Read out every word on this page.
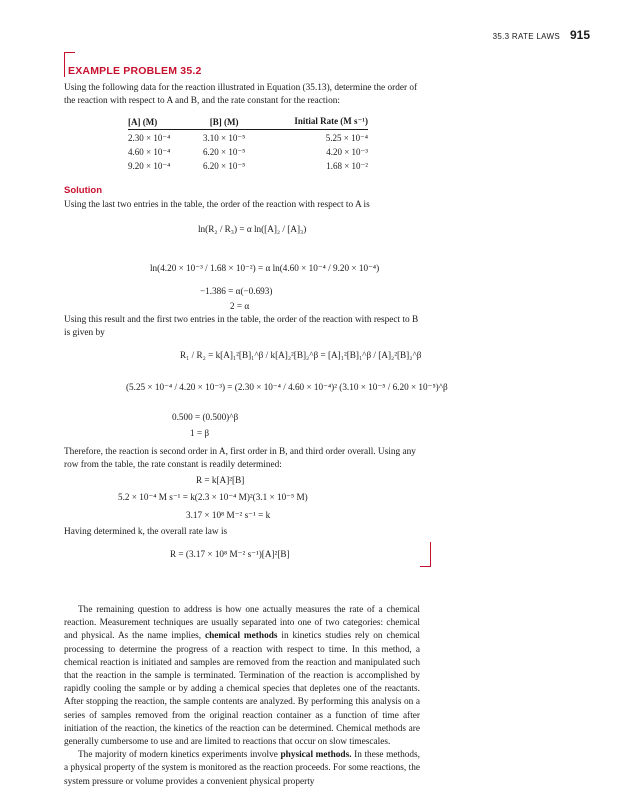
35.3 RATE LAWS 915
EXAMPLE PROBLEM 35.2
Using the following data for the reaction illustrated in Equation (35.13), determine the order of the reaction with respect to A and B, and the rate constant for the reaction:
[A] (M)	[B] (M)	Initial Rate (M s⁻¹)
2.30 × 10⁻⁴	3.10 × 10⁻⁵	5.25 × 10⁻⁴
4.60 × 10⁻⁴	6.20 × 10⁻⁵	4.20 × 10⁻³
9.20 × 10⁻⁴	6.20 × 10⁻⁵	1.68 × 10⁻²
Solution
Using the last two entries in the table, the order of the reaction with respect to A is
ln(R₂ / R₃) = α ln([A]₂ / [A]₃)
ln(4.20 × 10⁻³ / 1.68 × 10⁻²) = α ln(4.60 × 10⁻⁴ / 9.20 × 10⁻⁴)
−1.386 = α(−0.693)
2 = α
Using this result and the first two entries in the table, the order of the reaction with respect to B is given by
R₁ / R₂ = k[A]₁²[B]₁^β / k[A]₂²[B]₂^β = [A]₁²[B]₁^β / [A]₂²[B]₂^β
(5.25 × 10⁻⁴ / 4.20 × 10⁻³) = (2.30 × 10⁻⁴ / 4.60 × 10⁻⁴)² (3.10 × 10⁻⁵ / 6.20 × 10⁻⁵)^β
0.500 = (0.500)^β
1 = β
Therefore, the reaction is second order in A, first order in B, and third order overall. Using any row from the table, the rate constant is readily determined:
R = k[A]²[B]
5.2 × 10⁻⁴ M s⁻¹ = k(2.3 × 10⁻⁴ M)²(3.1 × 10⁻⁵ M)
3.17 × 10⁸ M⁻² s⁻¹ = k
Having determined k, the overall rate law is
R = (3.17 × 10⁸ M⁻² s⁻¹)[A]²[B]

The remaining question to address is how one actually measures the rate of a chemical reaction. Measurement techniques are usually separated into one of two categories: chemical and physical. As the name implies, chemical methods in kinetics studies rely on chemical processing to determine the progress of a reaction with respect to time. In this method, a chemical reaction is initiated and samples are removed from the reaction and manipulated such that the reaction in the sample is terminated. Termination of the reaction is accomplished by rapidly cooling the sample or by adding a chemical species that depletes one of the reactants. After stopping the reaction, the sample contents are analyzed. By performing this analysis on a series of samples removed from the original reaction container as a function of time after initiation of the reaction, the kinetics of the reaction can be determined. Chemical methods are generally cumbersome to use and are limited to reactions that occur on slow timescales.

The majority of modern kinetics experiments involve physical methods. In these methods, a physical property of the system is monitored as the reaction proceeds. For some reactions, the system pressure or volume provides a convenient physical property
